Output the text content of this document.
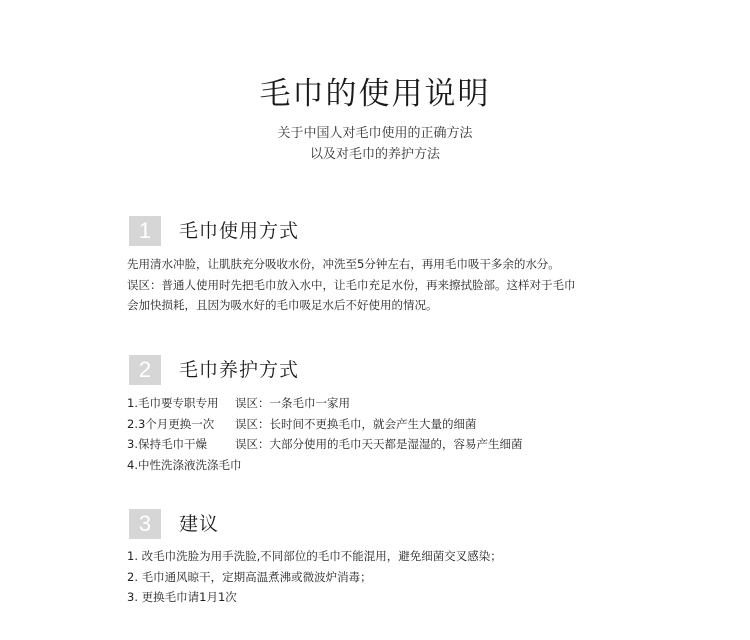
毛巾的使用说明
关于中国人对毛巾使用的正确方法
以及对毛巾的养护方法
1	毛巾使用方式
先用清水冲脸，让肌肤充分吸收水份，冲洗至5分钟左右，再用毛巾吸干多余的水分。
误区：普通人使用时先把毛巾放入水中，让毛巾充足水份，再来擦拭脸部。这样对于毛巾
会加快损耗，且因为吸水好的毛巾吸足水后不好使用的情况。
2	毛巾养护方式
1.毛巾要专职专用 误区：一条毛巾一家用
2.3个月更换一次 误区：长时间不更换毛巾，就会产生大量的细菌
3.保持毛巾干燥 误区：大部分使用的毛巾天天都是湿湿的，容易产生细菌
4.中性洗涤液洗涤毛巾
3	建议
1. 改毛巾洗脸为用手洗脸,不同部位的毛巾不能混用，避免细菌交叉感染；
2. 毛巾通风晾干，定期高温煮沸或微波炉消毒；
3. 更换毛巾请1月1次
